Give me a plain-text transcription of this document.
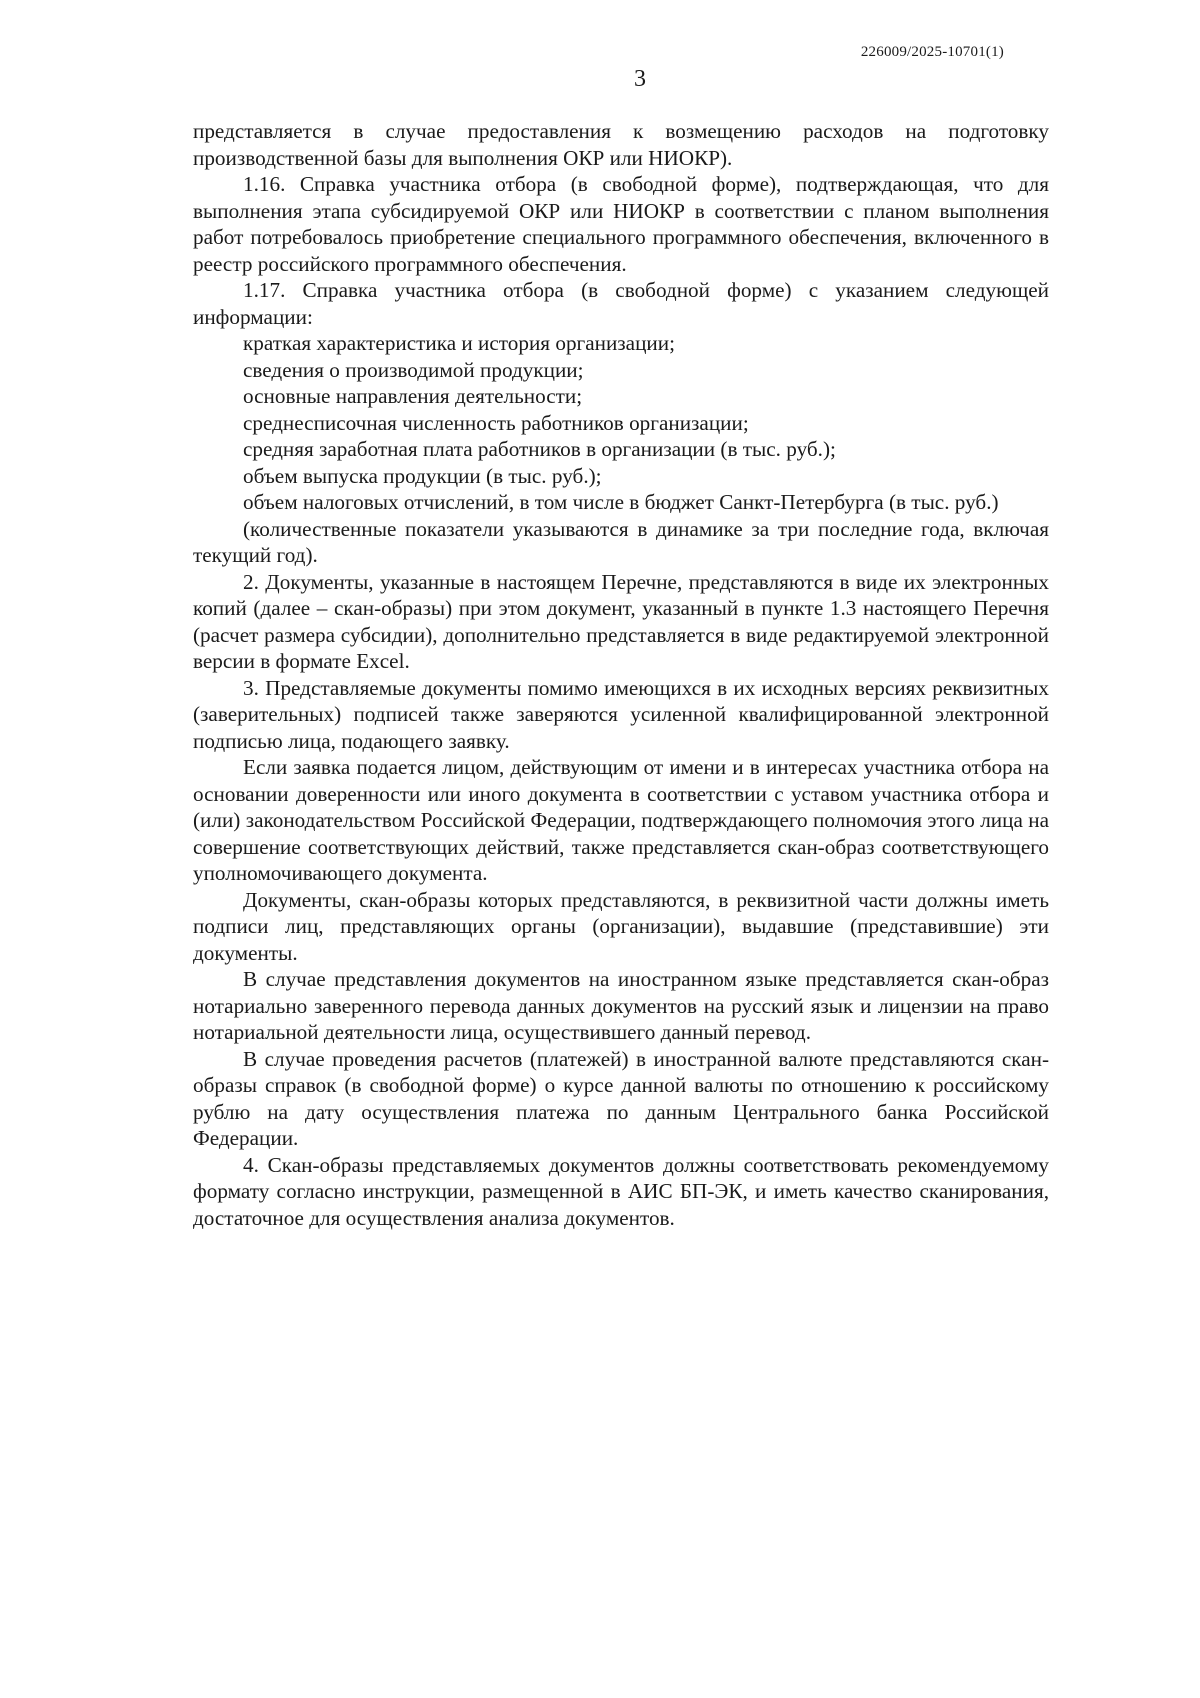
226009/2025-10701(1)
3

представляется в случае предоставления к возмещению расходов на подготовку производственной базы для выполнения ОКР или НИОКР).

1.16. Справка участника отбора (в свободной форме), подтверждающая, что для выполнения этапа субсидируемой ОКР или НИОКР в соответствии с планом выполнения работ потребовалось приобретение специального программного обеспечения, включенного в реестр российского программного обеспечения.

1.17. Справка участника отбора (в свободной форме) с указанием следующей информации:

краткая характеристика и история организации;

сведения о производимой продукции;

основные направления деятельности;

среднесписочная численность работников организации;

средняя заработная плата работников в организации (в тыс. руб.);

объем выпуска продукции (в тыс. руб.);

объем налоговых отчислений, в том числе в бюджет Санкт-Петербурга (в тыс. руб.)

(количественные показатели указываются в динамике за три последние года, включая текущий год).

2. Документы, указанные в настоящем Перечне, представляются в виде их электронных копий (далее – скан-образы) при этом документ, указанный в пункте 1.3 настоящего Перечня (расчет размера субсидии), дополнительно представляется в виде редактируемой электронной версии в формате Excel.

3. Представляемые документы помимо имеющихся в их исходных версиях реквизитных (заверительных) подписей также заверяются усиленной квалифицированной электронной подписью лица, подающего заявку.

Если заявка подается лицом, действующим от имени и в интересах участника отбора на основании доверенности или иного документа в соответствии с уставом участника отбора и (или) законодательством Российской Федерации, подтверждающего полномочия этого лица на совершение соответствующих действий, также представляется скан-образ соответствующего уполномочивающего документа.

Документы, скан-образы которых представляются, в реквизитной части должны иметь подписи лиц, представляющих органы (организации), выдавшие (представившие) эти документы.

В случае представления документов на иностранном языке представляется скан-образ нотариально заверенного перевода данных документов на русский язык и лицензии на право нотариальной деятельности лица, осуществившего данный перевод.

В случае проведения расчетов (платежей) в иностранной валюте представляются скан-образы справок (в свободной форме) о курсе данной валюты по отношению к российскому рублю на дату осуществления платежа по данным Центрального банка Российской Федерации.

4. Скан-образы представляемых документов должны соответствовать рекомендуемому формату согласно инструкции, размещенной в АИС БП-ЭК, и иметь качество сканирования, достаточное для осуществления анализа документов.
